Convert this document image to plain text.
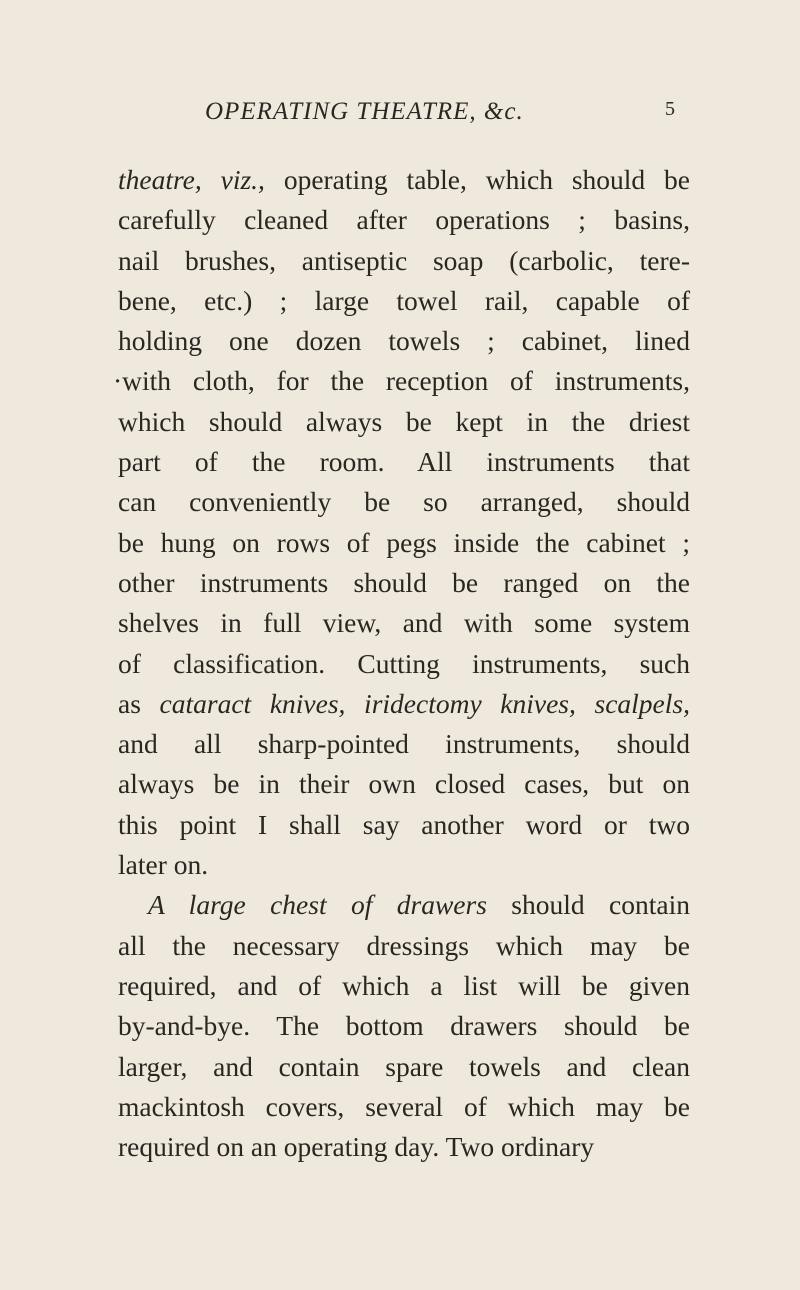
OPERATING THEATRE, &c.	5
theatre, viz., operating table, which should be
carefully cleaned after operations ; basins,
nail brushes, antiseptic soap (carbolic, tere-
bene, etc.) ; large towel rail, capable of
holding one dozen towels ; cabinet, lined
·with cloth, for the reception of instruments,
which should always be kept in the driest
part of the room. All instruments that
can conveniently be so arranged, should
be hung on rows of pegs inside the cabinet ;
other instruments should be ranged on the
shelves in full view, and with some system
of classification. Cutting instruments, such
as cataract knives, iridectomy knives, scalpels,
and all sharp-pointed instruments, should
always be in their own closed cases, but on
this point I shall say another word or two
later on.
A large chest of drawers should contain
all the necessary dressings which may be
required, and of which a list will be given
by-and-bye. The bottom drawers should be
larger, and contain spare towels and clean
mackintosh covers, several of which may be
required on an operating day. Two ordinary
